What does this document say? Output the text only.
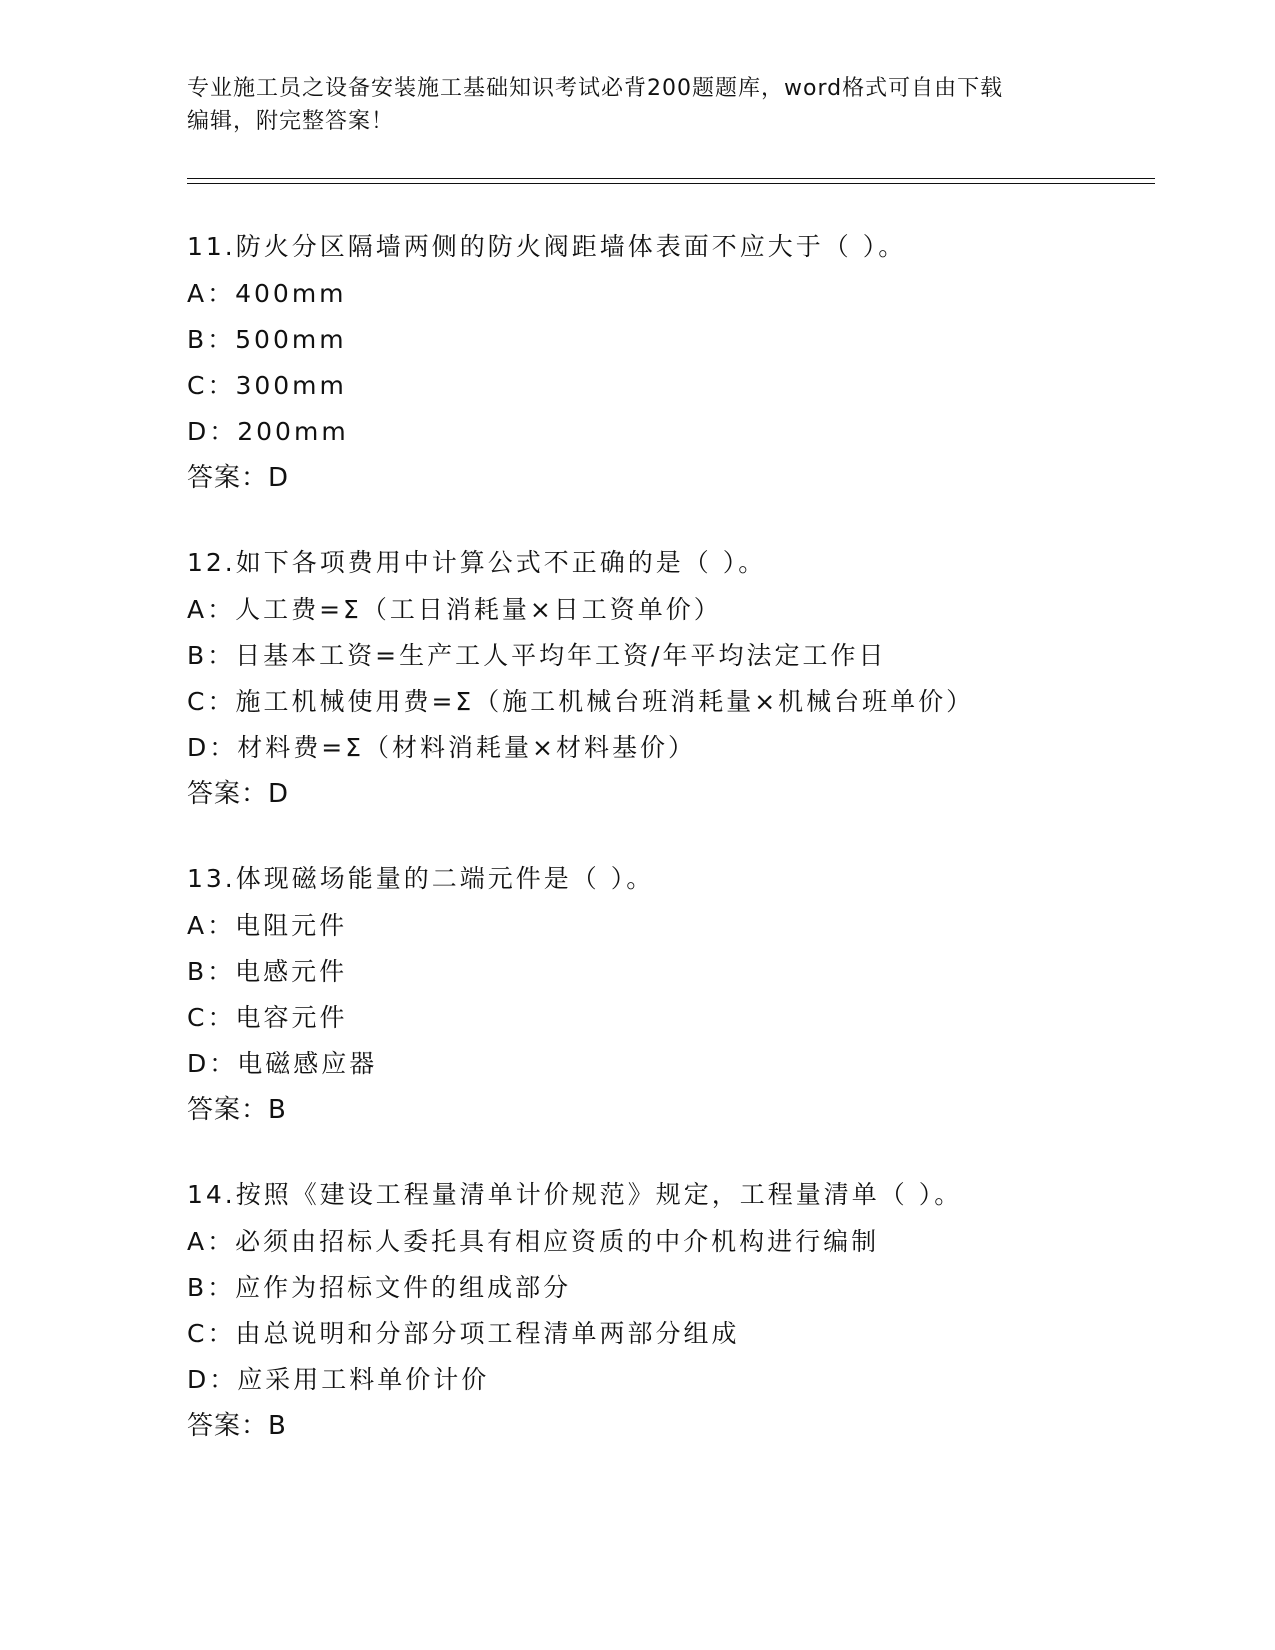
专业施工员之设备安装施工基础知识考试必背200题题库，word格式可自由下载
编辑，附完整答案！
11.防火分区隔墙两侧的防火阀距墙体表面不应大于（ ）。
A：400mm
B：500mm
C：300mm
D：200mm
答案：D
12.如下各项费用中计算公式不正确的是（ ）。
A：人工费=Σ（工日消耗量×日工资单价）
B：日基本工资=生产工人平均年工资/年平均法定工作日
C：施工机械使用费=Σ（施工机械台班消耗量×机械台班单价）
D：材料费=Σ（材料消耗量×材料基价）
答案：D
13.体现磁场能量的二端元件是（ ）。
A：电阻元件
B：电感元件
C：电容元件
D：电磁感应器
答案：B
14.按照《建设工程量清单计价规范》规定，工程量清单（ ）。
A：必须由招标人委托具有相应资质的中介机构进行编制
B：应作为招标文件的组成部分
C：由总说明和分部分项工程清单两部分组成
D：应采用工料单价计价
答案：B
